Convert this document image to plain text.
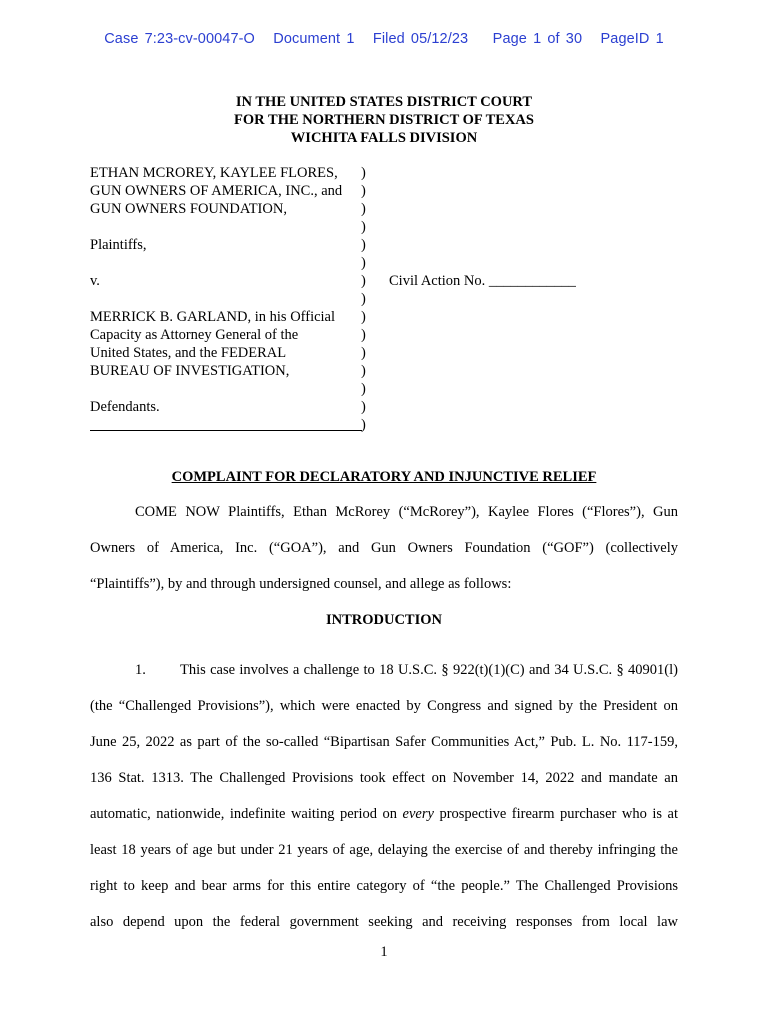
Case 7:23-cv-00047-O   Document 1   Filed 05/12/23    Page 1 of 30   PageID 1
IN THE UNITED STATES DISTRICT COURT
FOR THE NORTHERN DISTRICT OF TEXAS
WICHITA FALLS DIVISION
ETHAN MCROREY, KAYLEE FLORES,
GUN OWNERS OF AMERICA, INC., and
GUN OWNERS FOUNDATION,
Plaintiffs,
v.
MERRICK B. GARLAND, in his Official
Capacity as Attorney General of the
United States, and the FEDERAL
BUREAU OF INVESTIGATION,
Defendants.
)
)
)
)
)
)
)
)
)
)
)
)
)
)
)
Civil Action No. ____________
COMPLAINT FOR DECLARATORY AND INJUNCTIVE RELIEF
COME NOW Plaintiffs, Ethan McRorey (“McRorey”), Kaylee Flores (“Flores”), Gun
Owners of America, Inc. (“GOA”), and Gun Owners Foundation (“GOF”) (collectively
“Plaintiffs”), by and through undersigned counsel, and allege as follows:
INTRODUCTION
1. This case involves a challenge to 18 U.S.C. § 922(t)(1)(C) and 34 U.S.C. § 40901(l)
(the “Challenged Provisions”), which were enacted by Congress and signed by the President on
June 25, 2022 as part of the so-called “Bipartisan Safer Communities Act,” Pub. L. No. 117-159,
136 Stat. 1313. The Challenged Provisions took effect on November 14, 2022 and mandate an
automatic, nationwide, indefinite waiting period on every prospective firearm purchaser who is at
least 18 years of age but under 21 years of age, delaying the exercise of and thereby infringing the
right to keep and bear arms for this entire category of “the people.” The Challenged Provisions
also depend upon the federal government seeking and receiving responses from local law
1
